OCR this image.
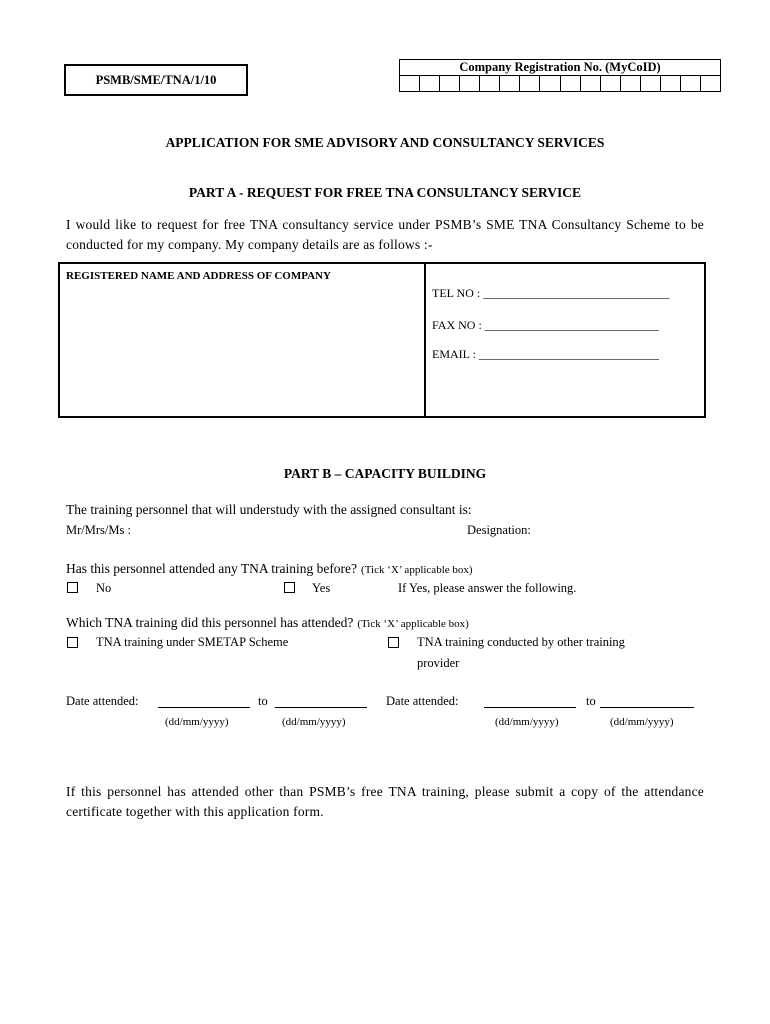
PSMB/SME/TNA/1/10
Company Registration No. (MyCoID)
APPLICATION FOR SME ADVISORY AND CONSULTANCY SERVICES
PART A - REQUEST FOR FREE TNA CONSULTANCY SERVICE
I would like to request for free TNA consultancy service under PSMB’s SME TNA Consultancy Scheme to be conducted for my company. My company details are as follows :-
REGISTERED NAME AND ADDRESS OF COMPANY
TEL NO : _______________________________
FAX NO : _____________________________
EMAIL : ______________________________
PART B – CAPACITY BUILDING
The training personnel that will understudy with the assigned consultant is:
Mr/Mrs/Ms :	Designation:
Has this personnel attended any TNA training before? (Tick ‘X’ applicable box)
No	Yes	If Yes, please answer the following.
Which TNA training did this personnel has attended? (Tick ‘X’ applicable box)
TNA training under SMETAP Scheme	TNA training conducted by other training
provider
Date attended:	to
(dd/mm/yyyy)	(dd/mm/yyyy)
Date attended:	to
(dd/mm/yyyy)	(dd/mm/yyyy)
If this personnel has attended other than PSMB’s free TNA training, please submit a copy of the attendance certificate together with this application form.
